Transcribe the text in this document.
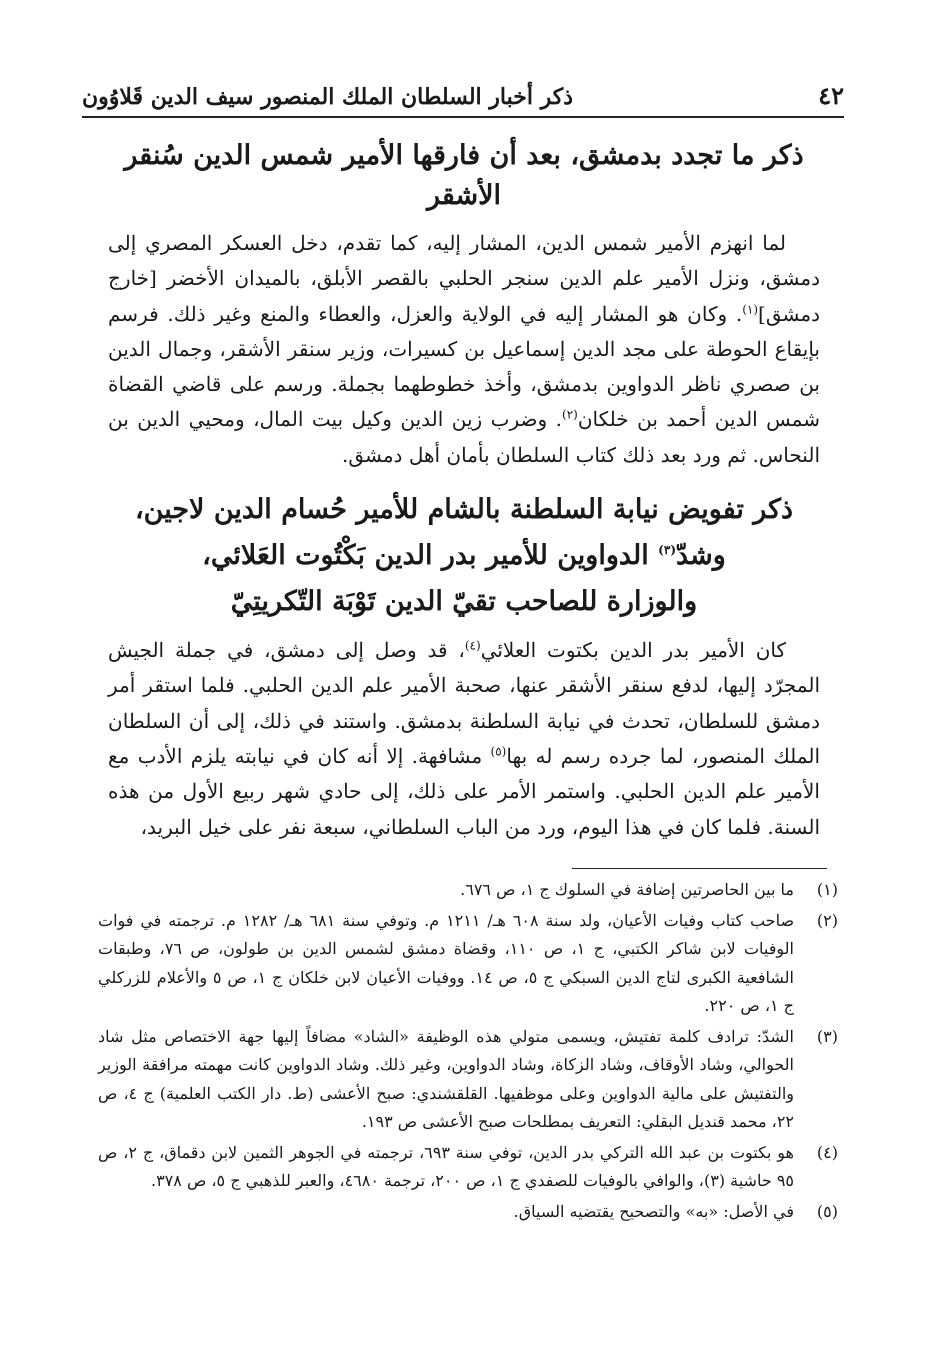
٤٢
ذكر أخبار السلطان الملك المنصور سيف الدين قَلاوُون
ذكر ما تجدد بدمشق، بعد أن فارقها الأمير شمس الدين سُنقر الأشقر

لما انهزم الأمير شمس الدين، المشار إليه، كما تقدم، دخل العسكر المصري إلى دمشق، ونزل الأمير علم الدين سنجر الحلبي بالقصر الأبلق، بالميدان الأخضر [خارج دمشق]$^{(١)}$. وكان هو المشار إليه في الولاية والعزل، والعطاء والمنع وغير ذلك. فرسم بإيقاع الحوطة على مجد الدين إسماعيل بن كسيرات، وزير سنقر الأشقر، وجمال الدين بن صصري ناظر الدواوين بدمشق، وأخذ خطوطهما بجملة. ورسم على قاضي القضاة شمس الدين أحمد بن خلكان$^{(٢)}$. وضرب زين الدين وكيل بيت المال، ومحيي الدين بن النحاس. ثم ورد بعد ذلك كتاب السلطان بأمان أهل دمشق.

ذكر تفويض نيابة السلطنة بالشام للأمير حُسام الدين لاجين،
وشدّ$^{(٣)}$ الدواوين للأمير بدر الدين بَكْتُوت العَلائي،
والوزارة للصاحب تقيّ الدين تَوْبَة التّكريتِيّ

كان الأمير بدر الدين بكتوت العلائي$^{(٤)}$، قد وصل إلى دمشق، في جملة الجيش المجرّد إليها، لدفع سنقر الأشقر عنها، صحبة الأمير علم الدين الحلبي. فلما استقر أمر دمشق للسلطان، تحدث في نيابة السلطنة بدمشق. واستند في ذلك، إلى أن السلطان الملك المنصور، لما جرده رسم له بها$^{(٥)}$ مشافهة. إلا أنه كان في نيابته يلزم الأدب مع الأمير علم الدين الحلبي. واستمر الأمر على ذلك، إلى حادي شهر ربيع الأول من هذه السنة. فلما كان في هذا اليوم، ورد من الباب السلطاني، سبعة نفر على خيل البريد،

(١)
ما بين الحاصرتين إضافة في السلوك ج ١، ص ٦٧٦.
(٢)
صاحب كتاب وفيات الأعيان، ولد سنة ٦٠٨ هـ/ ١٢١١ م. وتوفي سنة ٦٨١ هـ/ ١٢٨٢ م. ترجمته في فوات الوفيات لابن شاكر الكتبي، ج ١، ص ١١٠، وقضاة دمشق لشمس الدين بن طولون، ص ٧٦، وطبقات الشافعية الكبرى لتاج الدين السبكي ج ٥، ص ١٤. ووفيات الأعيان لابن خلكان ج ١، ص ٥ والأعلام للزركلي ج ١، ص ٢٢٠.
(٣)
الشدّ: ترادف كلمة تفتيش، ويسمى متولي هذه الوظيفة «الشاد» مضافاً إليها جهة الاختصاص مثل شاد الحوالي، وشاد الأوقاف، وشاد الزكاة، وشاد الدواوين، وغير ذلك. وشاد الدواوين كانت مهمته مرافقة الوزير والتفتيش على مالية الدواوين وعلى موظفيها. القلقشندي: صبح الأعشى (ط. دار الكتب العلمية) ج ٤، ص ٢٢، محمد قنديل البقلي: التعريف بمطلحات صبح الأعشى ص ١٩٣.
(٤)
هو بكتوت بن عبد الله التركي بدر الدين، توفي سنة ٦٩٣، ترجمته في الجوهر الثمين لابن دقماق، ج ٢، ص ٩٥ حاشية (٣)، والوافي بالوفيات للصفدي ج ١، ص ٢٠٠، ترجمة ٤٦٨٠، والعبر للذهبي ج ٥، ص ٣٧٨.
(٥)
في الأصل: «به» والتصحيح يقتضيه السياق.
